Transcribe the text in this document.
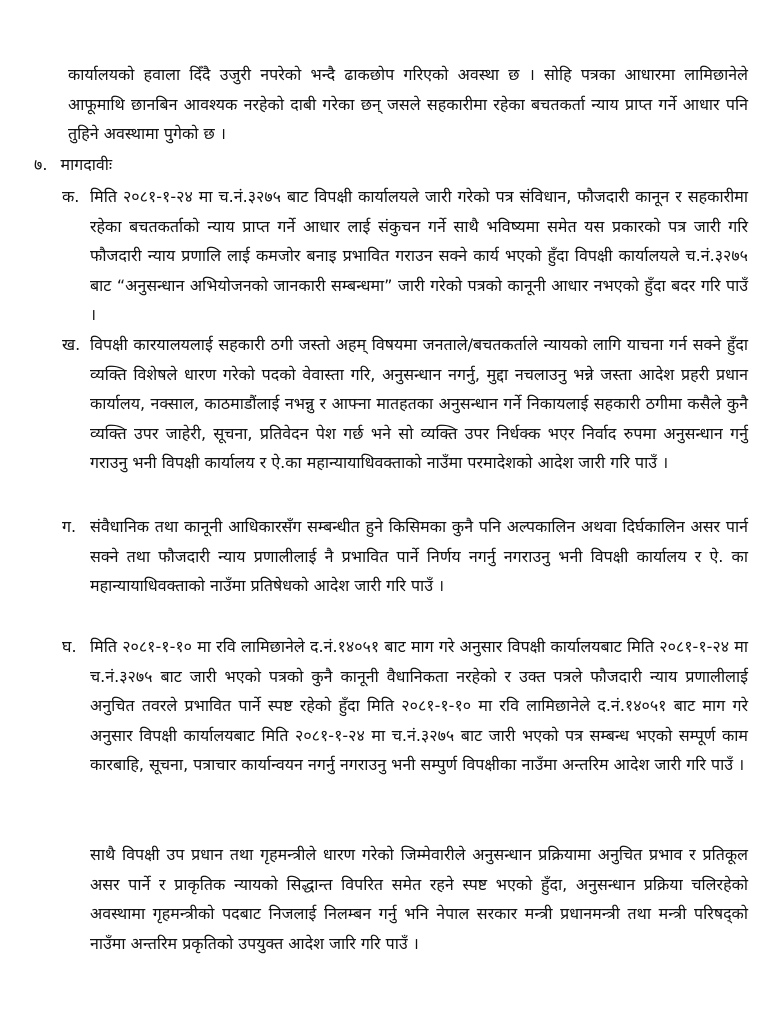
कार्यालयको हवाला दिँदै उजुरी नपरेको भन्दै ढाकछोप गरिएको अवस्था छ । सोहि पत्रका आधारमा लामिछानेले आफूमाथि छानबिन आवश्यक नरहेको दाबी गरेका छन् जसले सहकारीमा रहेका बचतकर्ता न्याय प्राप्त गर्ने आधार पनि तुहिने अवस्थामा पुगेको छ ।

७. मागदावीः
क. मिति २०८१-१-२४ मा च.नं.३२७५ बाट विपक्षी कार्यालयले जारी गरेको पत्र संविधान, फौजदारी कानून र सहकारीमा रहेका बचतकर्ताको न्याय प्राप्त गर्ने आधार लाई संकुचन गर्ने साथै भविष्यमा समेत यस प्रकारको पत्र जारी गरि फौजदारी न्याय प्रणालि लाई कमजोर बनाइ प्रभावित गराउन सक्ने कार्य भएको हुँदा विपक्षी कार्यालयले च.नं.३२७५ बाट “अनुसन्धान अभियोजनको जानकारी सम्बन्धमा” जारी गरेको पत्रको कानूनी आधार नभएको हुँदा बदर गरि पाउँ ।

ख. विपक्षी कारयालयलाई सहकारी ठगी जस्तो अहम् विषयमा जनताले/बचतकर्ताले न्यायको लागि याचना गर्न सक्ने हुँदा व्यक्ति विशेषले धारण गरेको पदको वेवास्ता गरि, अनुसन्धान नगर्नु, मुद्दा नचलाउनु भन्ने जस्ता आदेश प्रहरी प्रधान कार्यालय, नक्साल, काठमाडौंलाई नभन्नु र आफ्ना मातहतका अनुसन्धान गर्ने निकायलाई सहकारी ठगीमा कसैले कुनै व्यक्ति उपर जाहेरी, सूचना, प्रतिवेदन पेश गर्छ भने सो व्यक्ति उपर निर्धक्क भएर निर्वाद रुपमा अनुसन्धान गर्नु गराउनु भनी विपक्षी कार्यालय र ऐ.का महान्यायाधिवक्ताको नाउँमा परमादेशको आदेश जारी गरि पाउँ ।

ग. संवैधानिक तथा कानूनी आधिकारसँग सम्बन्धीत हुने किसिमका कुनै पनि अल्पकालिन अथवा दिर्घकालिन असर पार्न सक्ने तथा फौजदारी न्याय प्रणालीलाई नै प्रभावित पार्ने निर्णय नगर्नु नगराउनु भनी विपक्षी कार्यालय र ऐ. का महान्यायाधिवक्ताको नाउँमा प्रतिषेधको आदेश जारी गरि पाउँ ।

घ. मिति २०८१-१-१० मा रवि लामिछानेले द.नं.१४०५१ बाट माग गरे अनुसार विपक्षी कार्यालयबाट मिति २०८१-१-२४ मा च.नं.३२७५ बाट जारी भएको पत्रको कुनै कानूनी वैधानिकता नरहेको र उक्त पत्रले फौजदारी न्याय प्रणालीलाई अनुचित तवरले प्रभावित पार्ने स्पष्ट रहेको हुँदा मिति २०८१-१-१० मा रवि लामिछानेले द.नं.१४०५१ बाट माग गरे अनुसार विपक्षी कार्यालयबाट मिति २०८१-१-२४ मा च.नं.३२७५ बाट जारी भएको पत्र सम्बन्ध भएको सम्पूर्ण काम कारबाहि, सूचना, पत्राचार कार्यान्वयन नगर्नु नगराउनु भनी सम्पुर्ण विपक्षीका नाउँमा अन्तरिम आदेश जारी गरि पाउँ ।

साथै विपक्षी उप प्रधान तथा गृहमन्त्रीले धारण गरेको जिम्मेवारीले अनुसन्धान प्रक्रियामा अनुचित प्रभाव र प्रतिकूल असर पार्ने र प्राकृतिक न्यायको सिद्धान्त विपरित समेत रहने स्पष्ट भएको हुँदा, अनुसन्धान प्रक्रिया चलिरहेको अवस्थामा गृहमन्त्रीको पदबाट निजलाई निलम्बन गर्नु भनि नेपाल सरकार मन्त्री प्रधानमन्त्री तथा मन्त्री परिषद्को नाउँमा अन्तरिम प्रकृतिको उपयुक्त आदेश जारि गरि पाउँ ।
